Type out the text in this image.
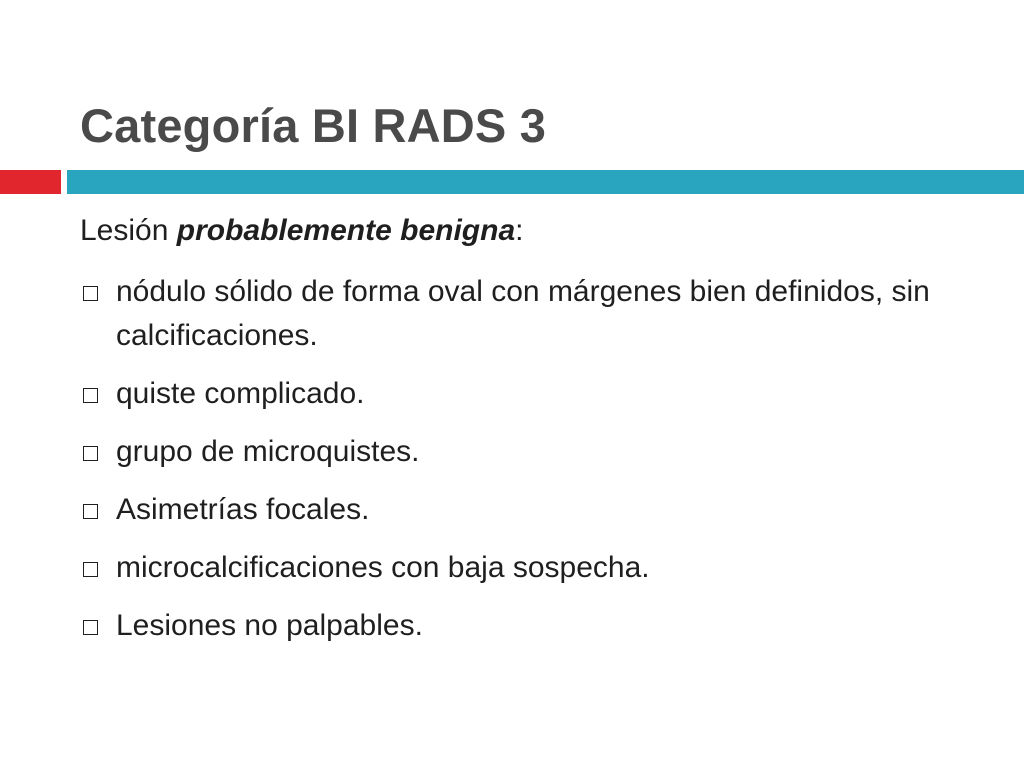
Categoría BI RADS 3
Lesión probablemente benigna:
nódulo sólido de forma oval con márgenes bien definidos, sin calcificaciones.
quiste complicado.
grupo de microquistes.
Asimetrías focales.
microcalcificaciones con baja sospecha.
Lesiones no palpables.
